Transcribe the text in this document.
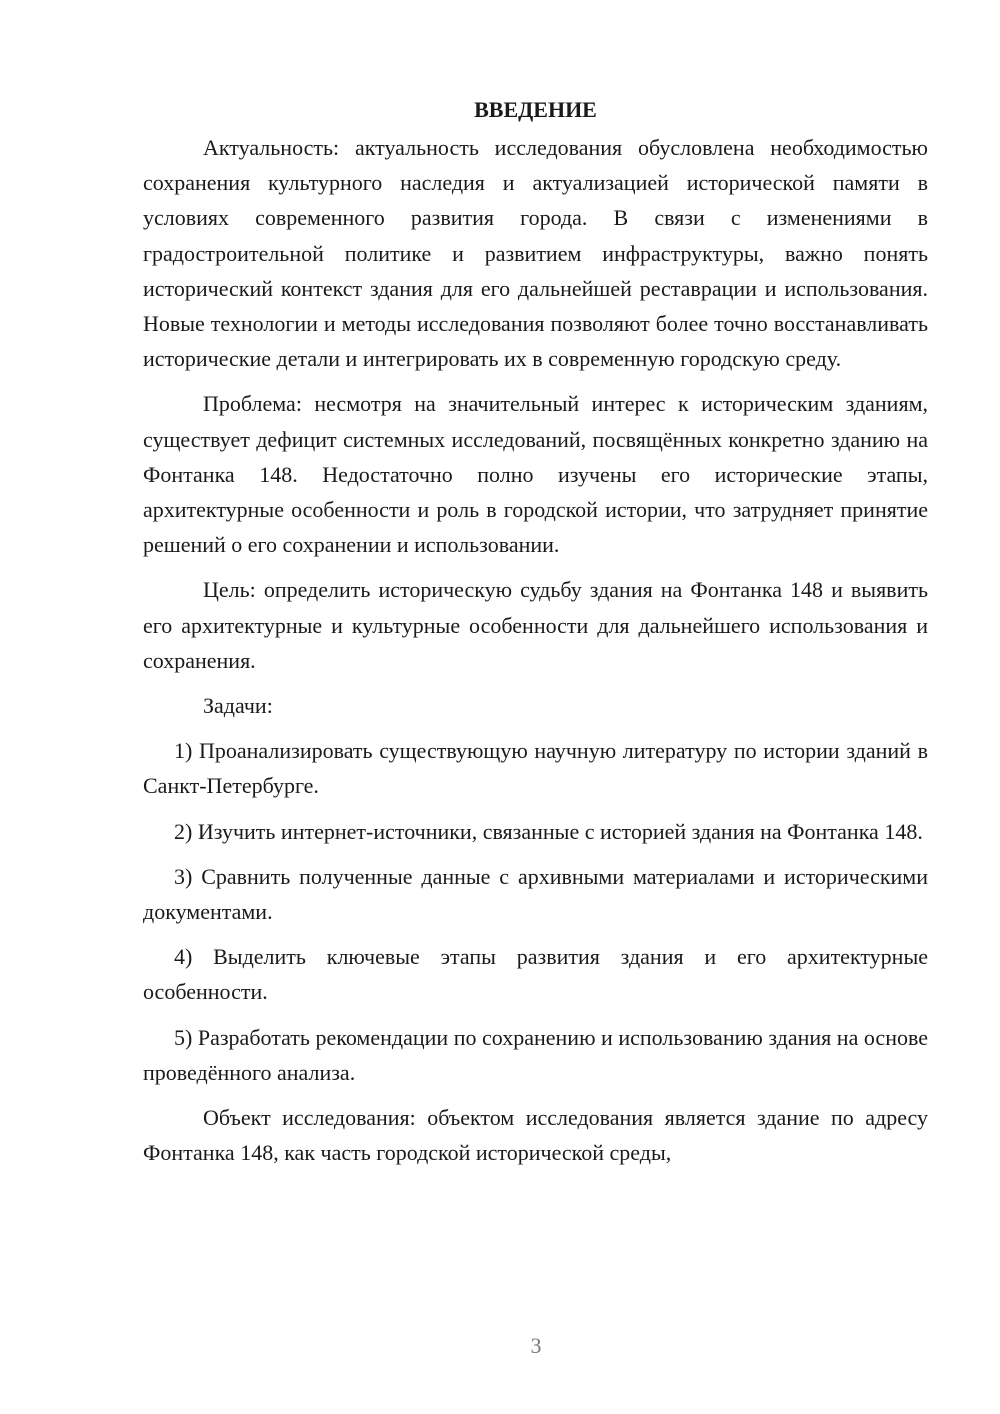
ВВЕДЕНИЕ

Актуальность: актуальность исследования обусловлена необходимостью сохранения культурного наследия и актуализацией исторической памяти в условиях современного развития города. В связи с изменениями в градостроительной политике и развитием инфраструктуры, важно понять исторический контекст здания для его дальнейшей реставрации и использования. Новые технологии и методы исследования позволяют более точно восстанавливать исторические детали и интегрировать их в современную городскую среду.

Проблема: несмотря на значительный интерес к историческим зданиям, существует дефицит системных исследований, посвящённых конкретно зданию на Фонтанка 148. Недостаточно полно изучены его исторические этапы, архитектурные особенности и роль в городской истории, что затрудняет принятие решений о его сохранении и использовании.

Цель: определить историческую судьбу здания на Фонтанка 148 и выявить его архитектурные и культурные особенности для дальнейшего использования и сохранения.

Задачи:

1) Проанализировать существующую научную литературу по истории зданий в Санкт-Петербурге.

2) Изучить интернет-источники, связанные с историей здания на Фонтанка 148.

3) Сравнить полученные данные с архивными материалами и историческими документами.

4) Выделить ключевые этапы развития здания и его архитектурные особенности.

5) Разработать рекомендации по сохранению и использованию здания на основе проведённого анализа.

Объект исследования: объектом исследования является здание по адресу Фонтанка 148, как часть городской исторической среды,

3
